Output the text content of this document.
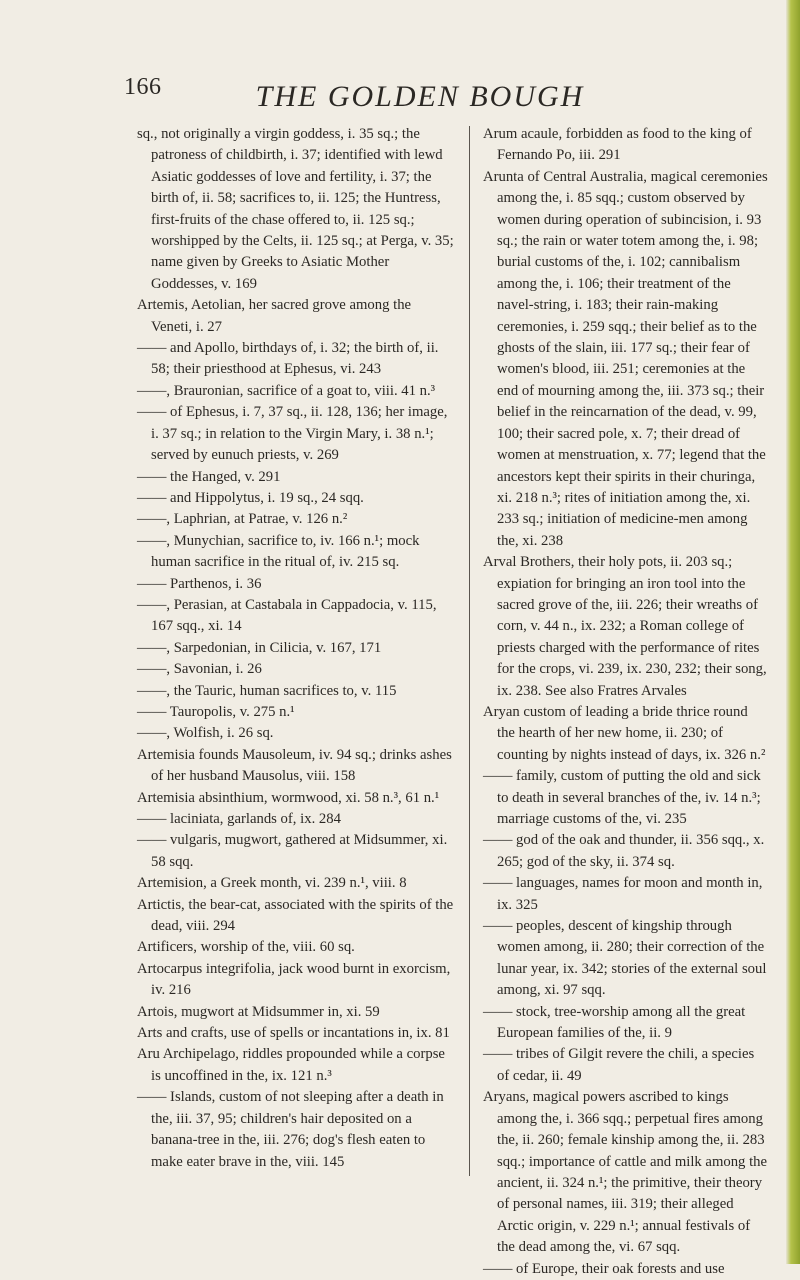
166	THE GOLDEN BOUGH
sq., not originally a virgin goddess, i. 35 sq.; the patroness of childbirth, i. 37; identified with lewd Asiatic goddesses of love and fertility, i. 37; the birth of, ii. 58; sacrifices to, ii. 125; the Huntress, first-fruits of the chase offered to, ii. 125 sq.; worshipped by the Celts, ii. 125 sq.; at Perga, v. 35; name given by Greeks to Asiatic Mother Goddesses, v. 169
Artemis, Aetolian, her sacred grove among the Veneti, i. 27
—— and Apollo, birthdays of, i. 32; the birth of, ii. 58; their priesthood at Ephesus, vi. 243
——, Brauronian, sacrifice of a goat to, viii. 41 n.³
—— of Ephesus, i. 7, 37 sq., ii. 128, 136; her image, i. 37 sq.; in relation to the Virgin Mary, i. 38 n.¹; served by eunuch priests, v. 269
—— the Hanged, v. 291
—— and Hippolytus, i. 19 sq., 24 sqq.
——, Laphrian, at Patrae, v. 126 n.²
——, Munychian, sacrifice to, iv. 166 n.¹; mock human sacrifice in the ritual of, iv. 215 sq.
—— Parthenos, i. 36
——, Perasian, at Castabala in Cappadocia, v. 115, 167 sqq., xi. 14
——, Sarpedonian, in Cilicia, v. 167, 171
——, Savonian, i. 26
——, the Tauric, human sacrifices to, v. 115
—— Tauropolis, v. 275 n.¹
——, Wolfish, i. 26 sq.
Artemisia founds Mausoleum, iv. 94 sq.; drinks ashes of her husband Mausolus, viii. 158
Artemisia absinthium, wormwood, xi. 58 n.³, 61 n.¹
—— laciniata, garlands of, ix. 284
—— vulgaris, mugwort, gathered at Midsummer, xi. 58 sqq.
Artemision, a Greek month, vi. 239 n.¹, viii. 8
Artictis, the bear-cat, associated with the spirits of the dead, viii. 294
Artificers, worship of the, viii. 60 sq.
Artocarpus integrifolia, jack wood burnt in exorcism, iv. 216
Artois, mugwort at Midsummer in, xi. 59
Arts and crafts, use of spells or incantations in, ix. 81
Aru Archipelago, riddles propounded while a corpse is uncoffined in the, ix. 121 n.³
—— Islands, custom of not sleeping after a death in the, iii. 37, 95; children's hair deposited on a banana-tree in the, iii. 276; dog's flesh eaten to make eater brave in the, viii. 145
Arum acaule, forbidden as food to the king of Fernando Po, iii. 291
Arunta of Central Australia, magical ceremonies among the, i. 85 sqq.; custom observed by women during operation of subincision, i. 93 sq.; the rain or water totem among the, i. 98; burial customs of the, i. 102; cannibalism among the, i. 106; their treatment of the navel-string, i. 183; their rain-making ceremonies, i. 259 sqq.; their belief as to the ghosts of the slain, iii. 177 sq.; their fear of women's blood, iii. 251; ceremonies at the end of mourning among the, iii. 373 sq.; their belief in the reincarnation of the dead, v. 99, 100; their sacred pole, x. 7; their dread of women at menstruation, x. 77; legend that the ancestors kept their spirits in their churinga, xi. 218 n.³; rites of initiation among the, xi. 233 sq.; initiation of medicine-men among the, xi. 238
Arval Brothers, their holy pots, ii. 203 sq.; expiation for bringing an iron tool into the sacred grove of the, iii. 226; their wreaths of corn, v. 44 n., ix. 232; a Roman college of priests charged with the performance of rites for the crops, vi. 239, ix. 230, 232; their song, ix. 238. See also Fratres Arvales
Aryan custom of leading a bride thrice round the hearth of her new home, ii. 230; of counting by nights instead of days, ix. 326 n.²
—— family, custom of putting the old and sick to death in several branches of the, iv. 14 n.³; marriage customs of the, vi. 235
—— god of the oak and thunder, ii. 356 sqq., x. 265; god of the sky, ii. 374 sq.
—— languages, names for moon and month in, ix. 325
—— peoples, descent of kingship through women among, ii. 280; their correction of the lunar year, ix. 342; stories of the external soul among, xi. 97 sqq.
—— stock, tree-worship among all the great European families of the, ii. 9
—— tribes of Gilgit revere the chili, a species of cedar, ii. 49
Aryans, magical powers ascribed to kings among the, i. 366 sqq.; perpetual fires among the, ii. 260; female kinship among the, ii. 283 sqq.; importance of cattle and milk among the ancient, ii. 324 n.¹; the primitive, their theory of personal names, iii. 319; their alleged Arctic origin, v. 229 n.¹; annual festivals of the dead among the, vi. 67 sqq.
—— of Europe, their oak forests and use
